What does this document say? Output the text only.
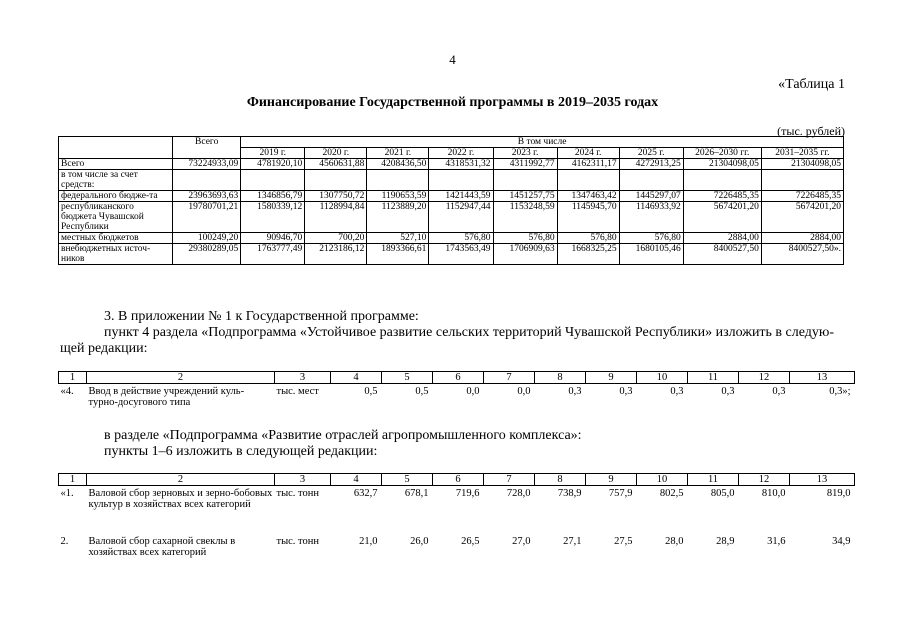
4
«Таблица 1
Финансирование Государственной программы в 2019–2035 годах
(тыс. рублей)
	Всего	В том числе								
		2019 г.	2020 г.	2021 г.	2022 г.	2023 г.	2024 г.	2025 г.	2026–2030 гг.	2031–2035 гг.
Всего	73224933,09	4781920,10	4560631,88	4208436,50	4318531,32	4311992,77	4162311,17	4272913,25	21304098,05	21304098,05
в том числе за счет средств:										
федерального бюдже-та	23963693,63	1346856,79	1307750,72	1190653,59	1421443,59	1451257,75	1347463,42	1445297,07	7226485,35	7226485,35
республиканского бюджета Чувашской Республики	19780701,21	1580339,12	1128994,84	1123889,20	1152947,44	1153248,59	1145945,70	1146933,92	5674201,20	5674201,20
местных бюджетов	100249,20	90946,70	700,20	527,10	576,80	576,80	576,80	576,80	2884,00	2884,00
внебюджетных источ-ников	29380289,05	1763777,49	2123186,12	1893366,61	1743563,49	1706909,63	1668325,25	1680105,46	8400527,50	8400527,50».
3. В приложении № 1 к Государственной программе:
пункт 4 раздела «Подпрограмма «Устойчивое развитие сельских территорий Чувашской Республики» изложить в следую-
щей редакции:
1	2	3	4	5	6	7	8	9	10	11	12	13
«4.	Ввод в действие учреждений куль-турно-досугового типа	тыс. мест	0,5	0,5	0,0	0,0	0,3	0,3	0,3	0,3	0,3	0,3»;
в разделе «Подпрограмма «Развитие отраслей агропромышленного комплекса»:
пункты 1–6 изложить в следующей редакции:
1	2	3	4	5	6	7	8	9	10	11	12	13
«1.	Валовой сбор зерновых и зерно-бобовых культур в хозяйствах всех категорий	тыс. тонн	632,7	678,1	719,6	728,0	738,9	757,9	802,5	805,0	810,0	819,0
2.	Валовой сбор сахарной свеклы в хозяйствах всех категорий	тыс. тонн	21,0	26,0	26,5	27,0	27,1	27,5	28,0	28,9	31,6	34,9
